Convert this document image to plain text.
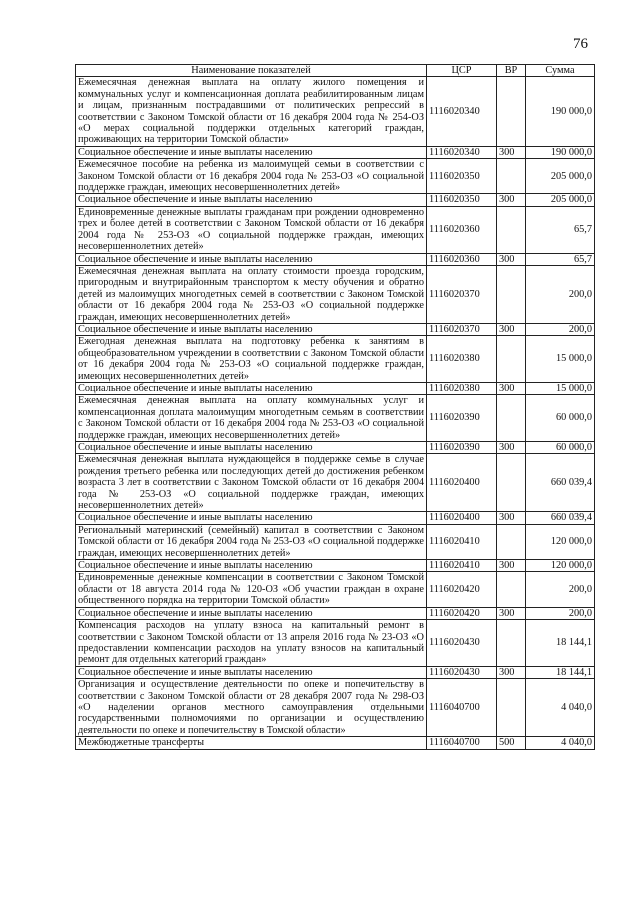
76
Наименование показателей	ЦСР	ВР	Сумма
Ежемесячная денежная выплата на оплату жилого помещения и коммунальных услуг и компенсационная доплата реабилитированным лицам и лицам, признанным пострадавшими от политических репрессий в соответствии с Законом Томской области от 16 декабря 2004 года № 254-ОЗ «О мерах социальной поддержки отдельных категорий граждан, проживающих на территории Томской области»	1116020340		190 000,0
Социальное обеспечение и иные выплаты населению	1116020340	300	190 000,0
Ежемесячное пособие на ребенка из малоимущей семьи в соответствии с Законом Томской области от 16 декабря 2004 года № 253-ОЗ «О социальной поддержке граждан, имеющих несовершеннолетних детей»	1116020350		205 000,0
Социальное обеспечение и иные выплаты населению	1116020350	300	205 000,0
Единовременные денежные выплаты гражданам при рождении одновременно трех и более детей в соответствии с Законом Томской области от 16 декабря 2004 года № 253-ОЗ «О социальной поддержке граждан, имеющих несовершеннолетних детей»	1116020360		65,7
Социальное обеспечение и иные выплаты населению	1116020360	300	65,7
Ежемесячная денежная выплата на оплату стоимости проезда городским, пригородным и внутрирайонным транспортом к месту обучения и обратно детей из малоимущих многодетных семей в соответствии с Законом Томской области от 16 декабря 2004 года № 253-ОЗ «О социальной поддержке граждан, имеющих несовершеннолетних детей»	1116020370		200,0
Социальное обеспечение и иные выплаты населению	1116020370	300	200,0
Ежегодная денежная выплата на подготовку ребенка к занятиям в общеобразовательном учреждении в соответствии с Законом Томской области от 16 декабря 2004 года № 253-ОЗ «О социальной поддержке граждан, имеющих несовершеннолетних детей»	1116020380		15 000,0
Социальное обеспечение и иные выплаты населению	1116020380	300	15 000,0
Ежемесячная денежная выплата на оплату коммунальных услуг и компенсационная доплата малоимущим многодетным семьям в соответствии с Законом Томской области от 16 декабря 2004 года № 253-ОЗ «О социальной поддержке граждан, имеющих несовершеннолетних детей»	1116020390		60 000,0
Социальное обеспечение и иные выплаты населению	1116020390	300	60 000,0
Ежемесячная денежная выплата нуждающейся в поддержке семье в случае рождения третьего ребенка или последующих детей до достижения ребенком возраста 3 лет в соответствии с Законом Томской области от 16 декабря 2004 года № 253-ОЗ «О социальной поддержке граждан, имеющих несовершеннолетних детей»	1116020400		660 039,4
Социальное обеспечение и иные выплаты населению	1116020400	300	660 039,4
Региональный материнский (семейный) капитал в соответствии с Законом Томской области от 16 декабря 2004 года № 253-ОЗ «О социальной поддержке граждан, имеющих несовершеннолетних детей»	1116020410		120 000,0
Социальное обеспечение и иные выплаты населению	1116020410	300	120 000,0
Единовременные денежные компенсации в соответствии с Законом Томской области от 18 августа 2014 года № 120-ОЗ «Об участии граждан в охране общественного порядка на территории Томской области»	1116020420		200,0
Социальное обеспечение и иные выплаты населению	1116020420	300	200,0
Компенсация расходов на уплату взноса на капитальный ремонт в соответствии с Законом Томской области от 13 апреля 2016 года № 23-ОЗ «О предоставлении компенсации расходов на уплату взносов на капитальный ремонт для отдельных категорий граждан»	1116020430		18 144,1
Социальное обеспечение и иные выплаты населению	1116020430	300	18 144,1
Организация и осуществление деятельности по опеке и попечительству в соответствии с Законом Томской области от 28 декабря 2007 года № 298-ОЗ «О наделении органов местного самоуправления отдельными государственными полномочиями по организации и осуществлению деятельности по опеке и попечительству в Томской области»	1116040700		4 040,0
Межбюджетные трансферты	1116040700	500	4 040,0
